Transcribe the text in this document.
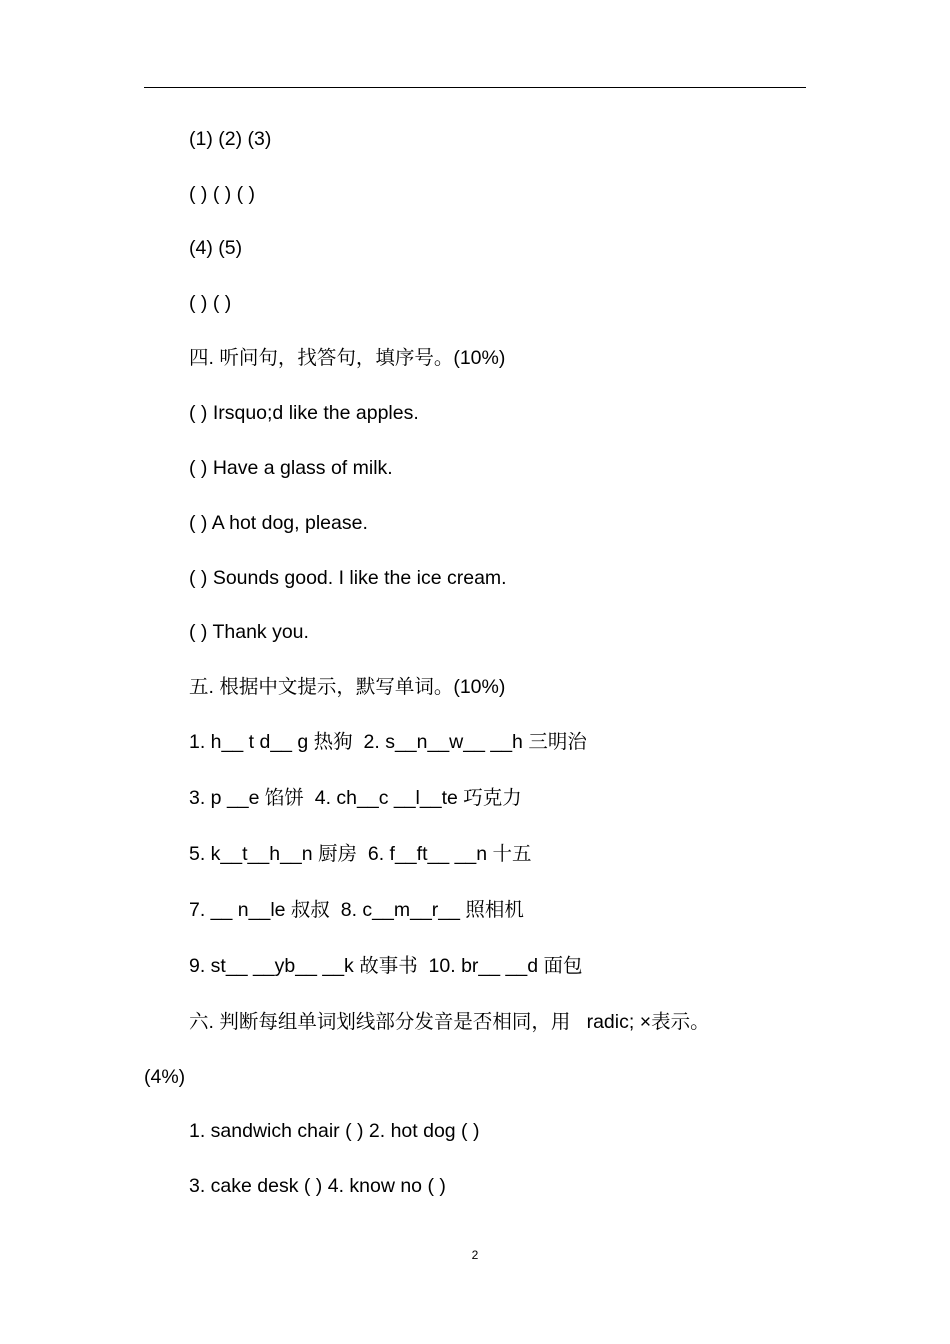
(1) (2) (3)
( ) ( ) ( )
(4) (5)
( ) ( )
四. 听问句，找答句，填序号。(10%)
( ) Irsquo;d like the apples.
( ) Have a glass of milk.
( ) A hot dog, please.
( ) Sounds good. I like the ice cream.
( ) Thank you.
五. 根据中文提示，默写单词。(10%)
1. h__ t d__ g 热狗  2. s__n__w__ __h 三明治
3. p __e 馅饼  4. ch__c __l__te 巧克力
5. k__t__h__n 厨房  6. f__ft__ __n 十五
7. __ n__le 叔叔  8. c__m__r__ 照相机
9. st__ __yb__ __k 故事书  10. br__ __d 面包
六. 判断每组单词划线部分发音是否相同，用   radic; ×表示。
(4%)
1. sandwich chair ( ) 2. hot dog ( )
3. cake desk ( ) 4. know no ( )
2
